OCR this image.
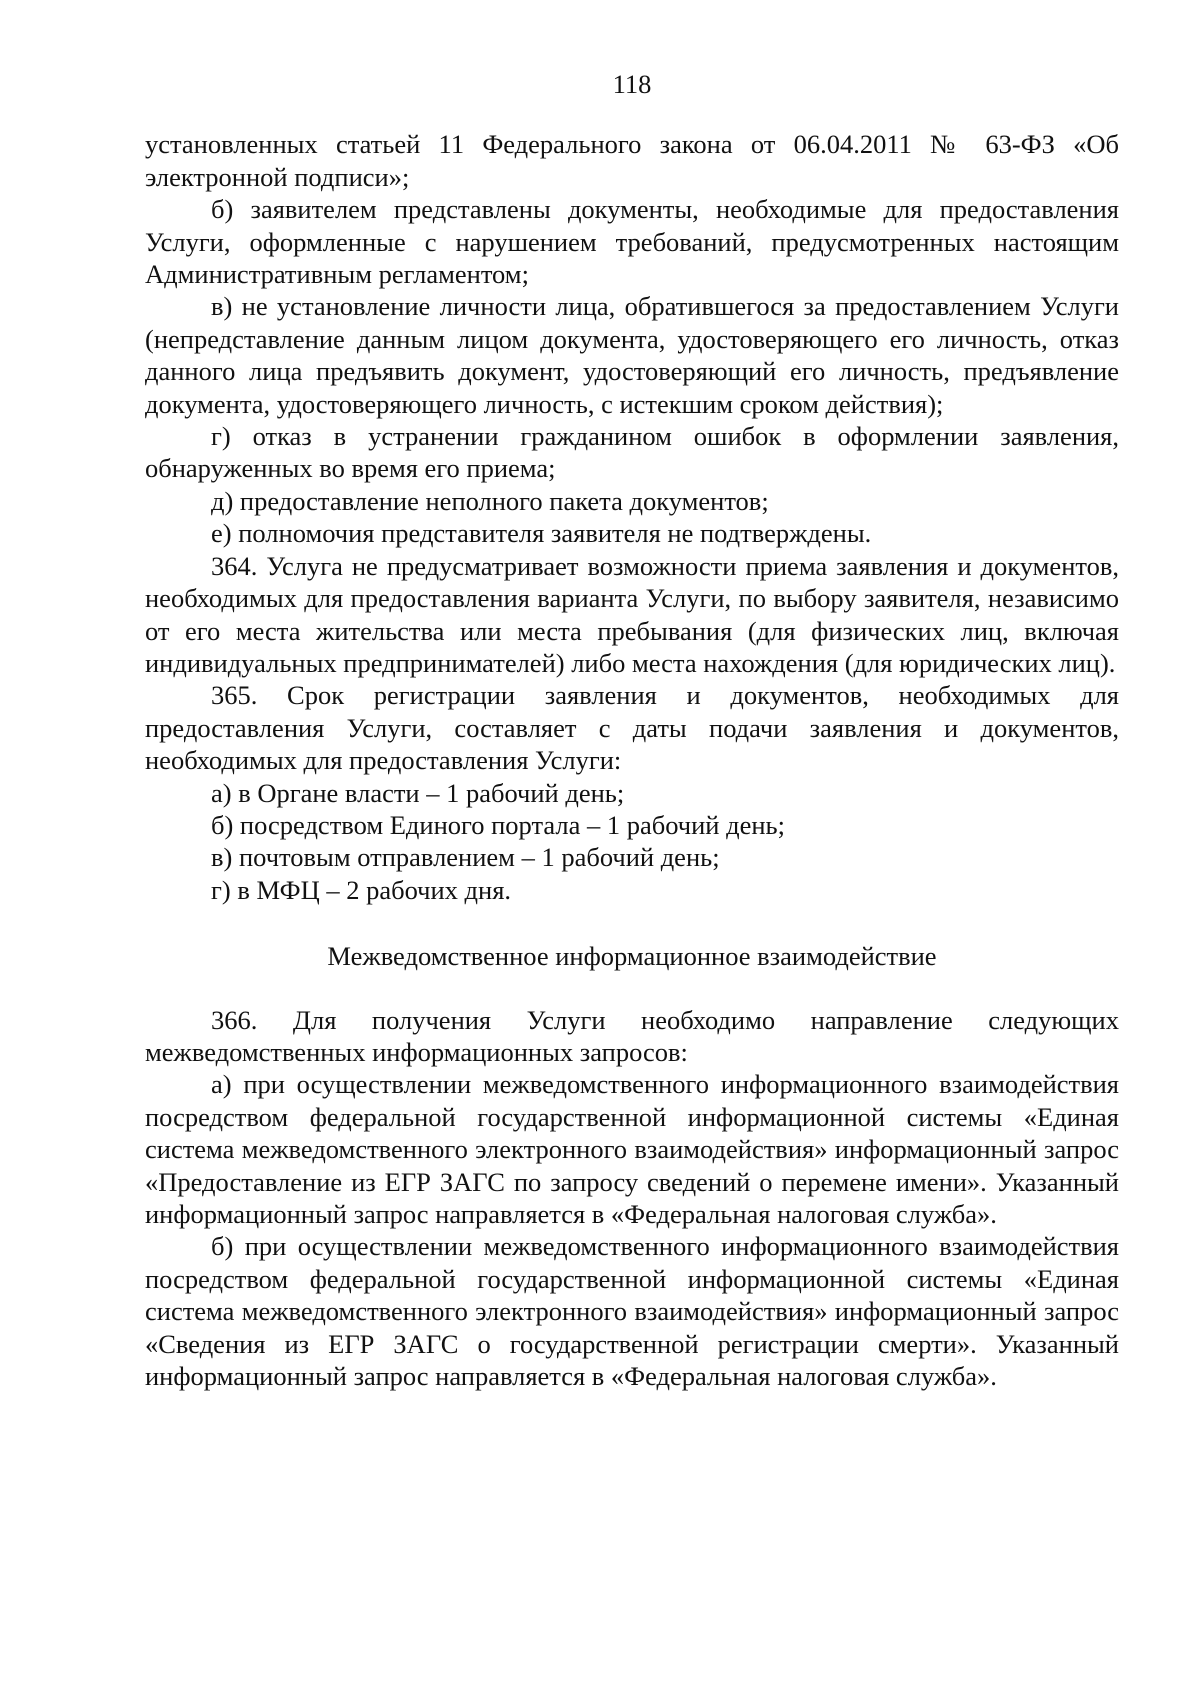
118

установленных статьей 11 Федерального закона от 06.04.2011 № 63-ФЗ «Об электронной подписи»;

б) заявителем представлены документы, необходимые для предоставления Услуги, оформленные с нарушением требований, предусмотренных настоящим Административным регламентом;

в) не установление личности лица, обратившегося за предоставлением Услуги (непредставление данным лицом документа, удостоверяющего его личность, отказ данного лица предъявить документ, удостоверяющий его личность, предъявление документа, удостоверяющего личность, с истекшим сроком действия);

г) отказ в устранении гражданином ошибок в оформлении заявления, обнаруженных во время его приема;

д) предоставление неполного пакета документов;

е) полномочия представителя заявителя не подтверждены.

364. Услуга не предусматривает возможности приема заявления и документов, необходимых для предоставления варианта Услуги, по выбору заявителя, независимо от его места жительства или места пребывания (для физических лиц, включая индивидуальных предпринимателей) либо места нахождения (для юридических лиц).

365. Срок регистрации заявления и документов, необходимых для предоставления Услуги, составляет с даты подачи заявления и документов, необходимых для предоставления Услуги:

а) в Органе власти – 1 рабочий день;

б) посредством Единого портала – 1 рабочий день;

в) почтовым отправлением – 1 рабочий день;

г) в МФЦ – 2 рабочих дня.

Межведомственное информационное взаимодействие

366. Для получения Услуги необходимо направление следующих межведомственных информационных запросов:

а) при осуществлении межведомственного информационного взаимодействия посредством федеральной государственной информационной системы «Единая система межведомственного электронного взаимодействия» информационный запрос «Предоставление из ЕГР ЗАГС по запросу сведений о перемене имени». Указанный информационный запрос направляется в «Федеральная налоговая служба».

б) при осуществлении межведомственного информационного взаимодействия посредством федеральной государственной информационной системы «Единая система межведомственного электронного взаимодействия» информационный запрос «Сведения из ЕГР ЗАГС о государственной регистрации смерти». Указанный информационный запрос направляется в «Федеральная налоговая служба».
